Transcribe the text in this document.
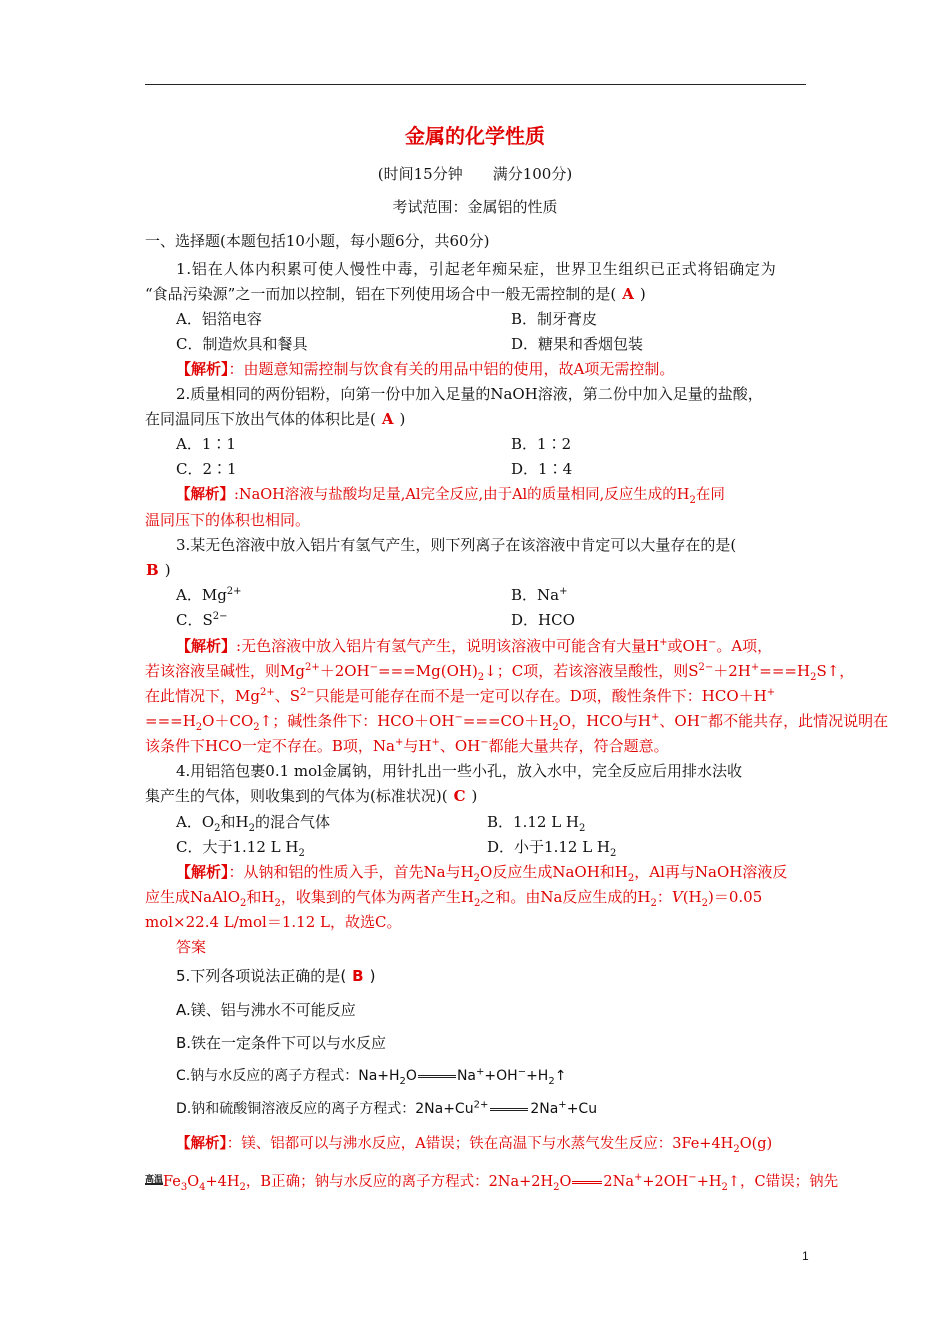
金属的化学性质
(时间15分钟　　满分100分)
考试范围：金属铝的性质
一、选择题(本题包括10小题，每小题6分，共60分)
1.铝在人体内积累可使人慢性中毒，引起老年痴呆症，世界卫生组织已正式将铝确定为
“食品污染源”之一而加以控制，铝在下列使用场合中一般无需控制的是( A )
A．铝箔电容	B．制牙膏皮
C．制造炊具和餐具	D．糖果和香烟包装
【解析】：由题意知需控制与饮食有关的用品中铝的使用，故A项无需控制。
2.质量相同的两份铝粉，向第一份中加入足量的NaOH溶液，第二份中加入足量的盐酸，
在同温同压下放出气体的体积比是( A )
A．1∶1	B．1∶2
C．2∶1	D．1∶4
【解析】:NaOH溶液与盐酸均足量,Al完全反应,由于Al的质量相同,反应生成的$H_2$在同
温同压下的体积也相同。
3.某无色溶液中放入铝片有氢气产生，则下列离子在该溶液中肯定可以大量存在的是(
B )
A．$Mg^{2+}$	B．Na+
C．$S^{2-}$	D．HCO
【解析】:无色溶液中放入铝片有氢气产生，说明该溶液中可能含有大量H+或OH−。A项，
若该溶液呈碱性，则$Mg^{2+}+2OH^-===Mg(OH)_2↓$；C项，若该溶液呈酸性，则$S^{2-}+2H^+===H_2S↑$，
在此情况下，$Mg^{2+}$、$S^{2-}$只能是可能存在而不是一定可以存在。D项，酸性条件下：HCO＋H+
$===H_2O+CO_2↑$；碱性条件下：$HCO+OH^-===CO+H_2O$，HCO与H+、OH−都不能共存，此情况说明在
该条件下HCO一定不存在。B项，Na+与H+、OH−都能大量共存，符合题意。
4.用铝箔包裹0.1 mol金属钠，用针扎出一些小孔，放入水中，完全反应后用排水法收
集产生的气体，则收集到的气体为(标准状况)( C )
A．$O_2$和$H_2$的混合气体	B．1.12 L $H_2$
C．大于1.12 L $H_2$	D．小于1.12 L $H_2$
【解析】：从钠和铝的性质入手，首先Na与$H_2O$反应生成NaOH和$H_2$，Al再与NaOH溶液反
应生成NaAlO$_2$和$H_2$，收集到的气体为两者产生$H_2$之和。由Na反应生成的$H_2$：$V(H_2)=0.05$
mol×22.4 L/mol＝1.12 L，故选C。
答案
5.下列各项说法正确的是( B )
A.镁、铝与沸水不可能反应
B.铁在一定条件下可以与水反应
C.钠与水反应的离子方程式：$Na+H_2O$	$Na^++OH^-+H_2↑$
D.钠和硫酸铜溶液反应的离子方程式：$2Na+Cu^{2+}$	2Na++Cu
【解析】：镁、铝都可以与沸水反应，A错误；铁在高温下与水蒸气发生反应：$3Fe+4H_2O(g)$
高温$Fe_3O_4+4H_2$，B正确；钠与水反应的离子方程式：$2Na+2H_2O$ $2Na^++2OH^-+H_2↑$，C错误；钠先
1
